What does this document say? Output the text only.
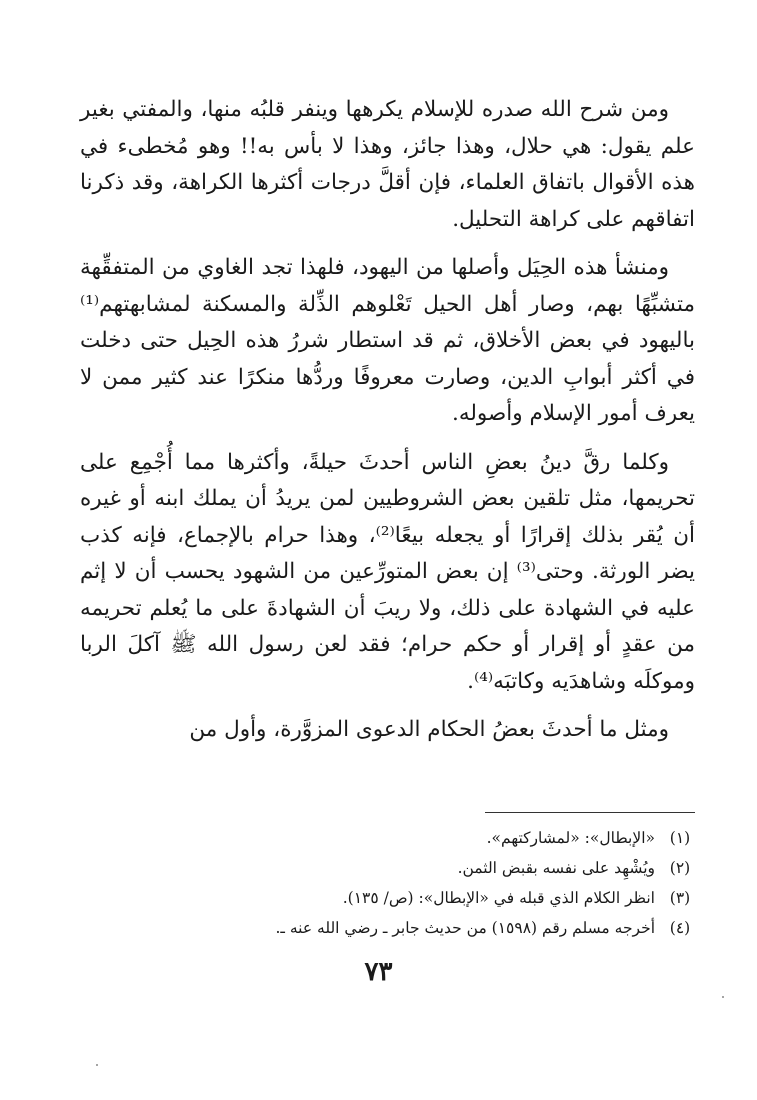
ومن شرح الله صدره للإسلام يكرهها وينفر قلبُه منها، والمفتي بغير علم يقول: هي حلال، وهذا جائز، وهذا لا بأس به!! وهو مُخطىء في هذه الأقوال باتفاق العلماء، فإن أقلَّ درجات أكثرها الكراهة، وقد ذكرنا اتفاقهم على كراهة التحليل.

ومنشأ هذه الحِيَل وأصلها من اليهود، فلهذا تجد الغاوي من المتفقِّهة متشبِّهًا بهم، وصار أهل الحيل تَعْلوهم الذِّلة والمسكنة لمشابهتهم⁽¹⁾ باليهود في بعض الأخلاق، ثم قد استطار شررُ هذه الحِيل حتى دخلت في أكثر أبوابِ الدين، وصارت معروفًا وردُّها منكرًا عند كثير ممن لا يعرف أمور الإسلام وأصوله.

وكلما رقَّ دينُ بعضِ الناس أحدثَ حيلةً، وأكثرها مما أُجْمِع على تحريمها، مثل تلقين بعض الشروطيين لمن يريدُ أن يملك ابنه أو غيره أن يُقر بذلك إقرارًا أو يجعله بيعًا⁽²⁾، وهذا حرام بالإجماع، فإنه كذب يضر الورثة. وحتى⁽³⁾ إن بعض المتورِّعين من الشهود يحسب أن لا إثم عليه في الشهادة على ذلك، ولا ريبَ أن الشهادةَ على ما يُعلم تحريمه من عقدٍ أو إقرار أو حكم حرام؛ فقد لعن رسول الله ﷺ آكلَ الربا وموكلَه وشاهدَيه وكاتبَه⁽⁴⁾.

ومثل ما أحدثَ بعضُ الحكام الدعوى المزوَّرة، وأول من

(١)
«الإبطال»: «لمشاركتهم».
(٢)
ويُشْهِد على نفسه بقبض الثمن.
(٣)
انظر الكلام الذي قبله في «الإبطال»: (ص/ ١٣٥).
(٤)
أخرجه مسلم رقم (١٥٩٨) من حديث جابر ـ رضي الله عنه ـ.
٧٣
